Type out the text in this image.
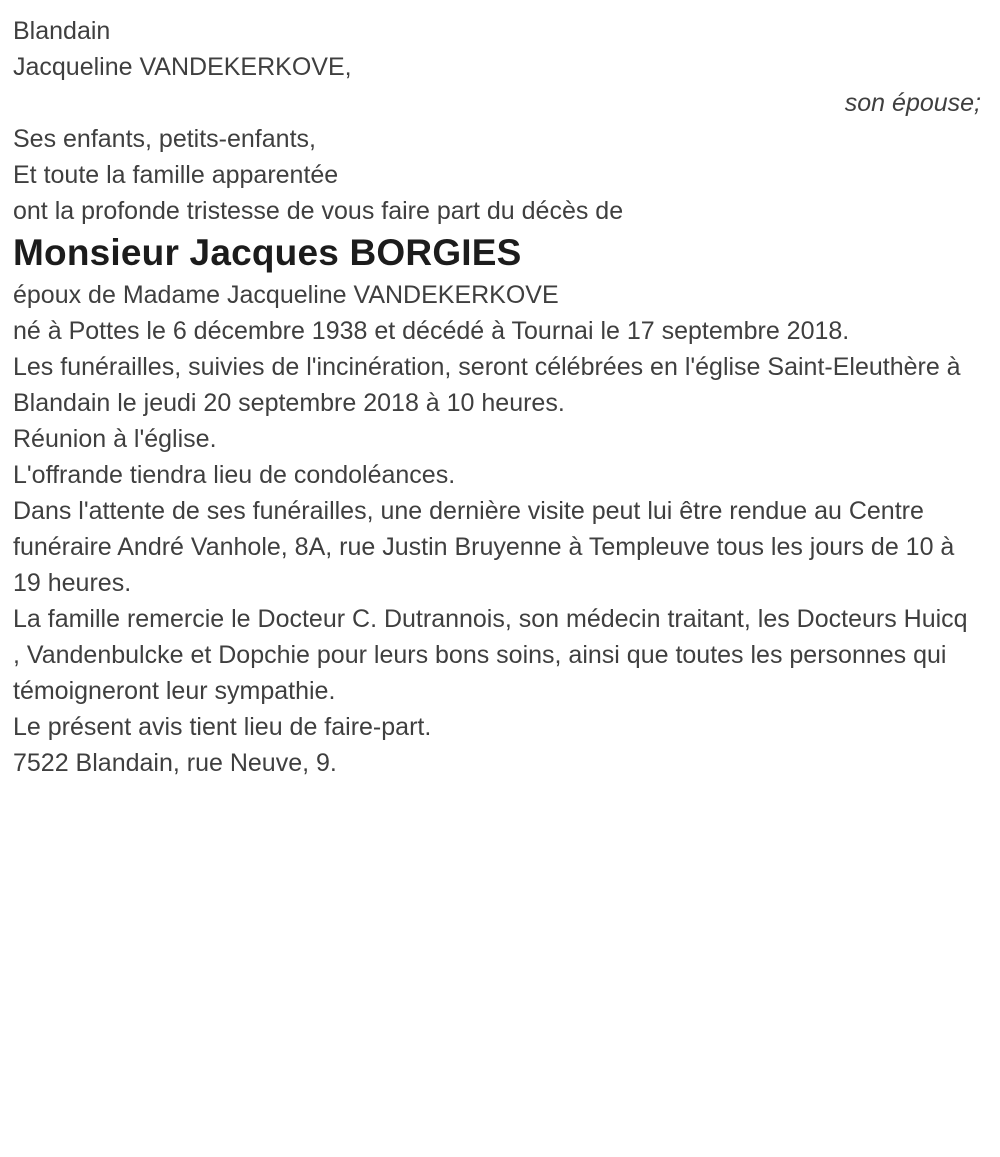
Blandain

Jacqueline VANDEKERKOVE,

son épouse;

Ses enfants, petits-enfants,

Et toute la famille apparentée

ont la profonde tristesse de vous faire part du décès de

Monsieur Jacques BORGIES

époux de Madame Jacqueline VANDEKERKOVE

né à Pottes le 6 décembre 1938 et décédé à Tournai le 17 septembre 2018.

Les funérailles, suivies de l'incinération, seront célébrées en l'église Saint-Eleuthère à Blandain le jeudi 20 septembre 2018 à 10 heures.

Réunion à l'église.

L'offrande tiendra lieu de condoléances.

Dans l'attente de ses funérailles, une dernière visite peut lui être rendue au Centre funéraire André Vanhole, 8A, rue Justin Bruyenne à Templeuve tous les jours de 10 à 19 heures.

La famille remercie le Docteur C. Dutrannois, son médecin traitant, les Docteurs Huicq , Vandenbulcke et Dopchie pour leurs bons soins, ainsi que toutes les personnes qui témoigneront leur sympathie.

Le présent avis tient lieu de faire-part.

7522 Blandain, rue Neuve, 9.
